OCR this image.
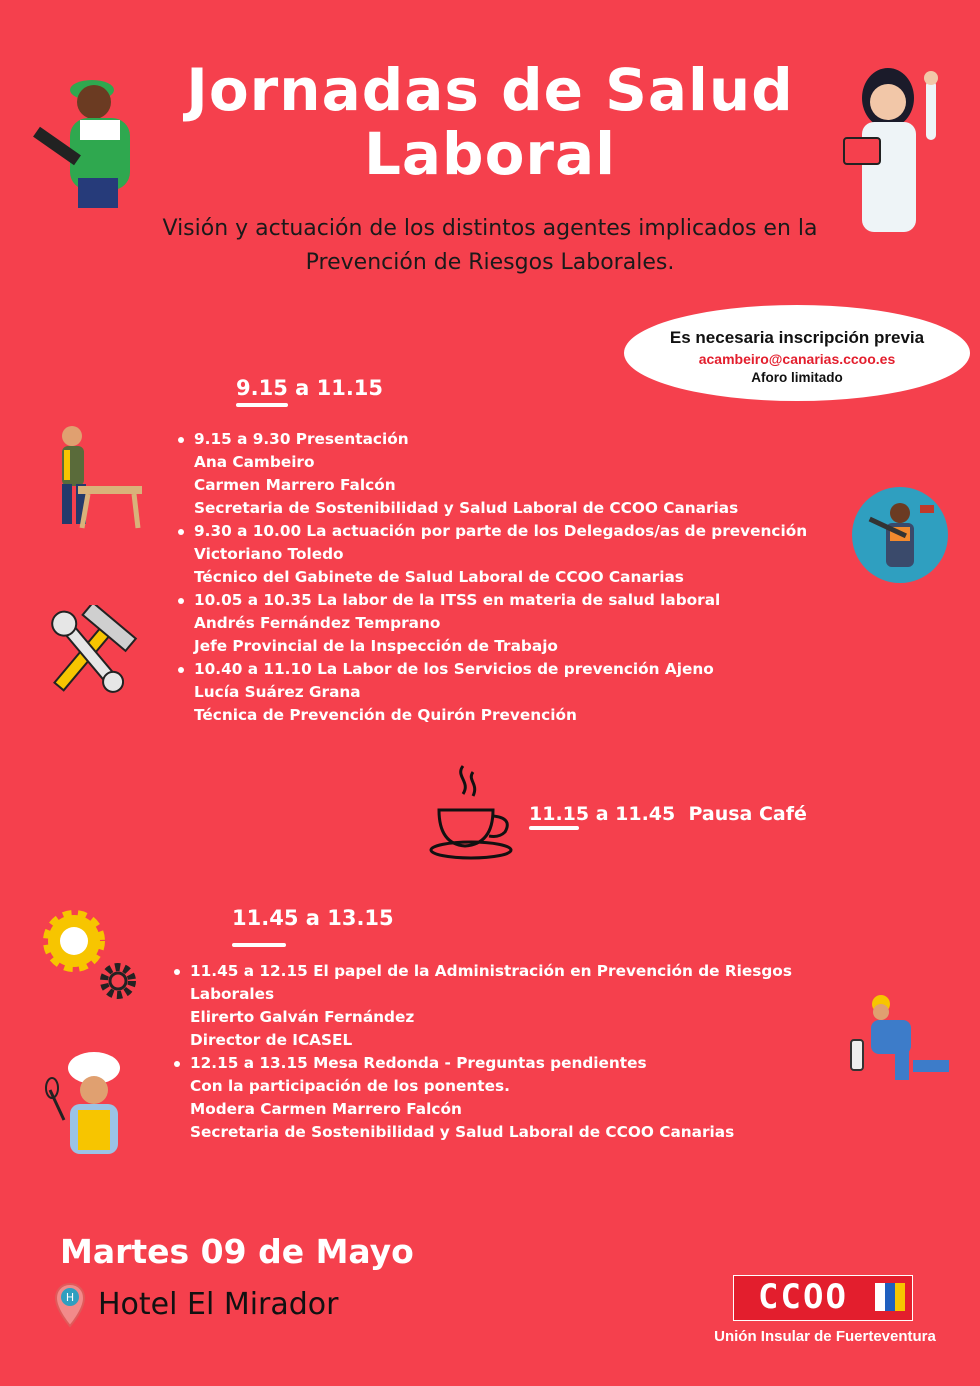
Jornadas de Salud
Laboral
Visión y actuación de los distintos agentes implicados en la
Prevención de Riesgos Laborales.
Es necesaria inscripción previa
acambeiro@canarias.ccoo.es
Aforo limitado
9.15 a 11.15
9.15 a 9.30 Presentación
Ana Cambeiro
Carmen Marrero Falcón
Secretaria de Sostenibilidad y Salud Laboral de CCOO Canarias
9.30 a 10.00 La actuación por parte de los Delegados/as de prevención
Victoriano Toledo
Técnico del Gabinete de Salud Laboral de CCOO Canarias
10.05 a 10.35 La labor de la ITSS en materia de salud laboral
Andrés Fernández Temprano
Jefe Provincial de la Inspección de Trabajo
10.40 a 11.10 La Labor de los Servicios de prevención Ajeno
Lucía Suárez Grana
Técnica de Prevención de Quirón Prevención
11.15 a 11.45 Pausa Café
11.45 a 13.15
11.45 a 12.15 El papel de la Administración en Prevención de Riesgos
Laborales
Elirerto Galván Fernández
Director de ICASEL
12.15 a 13.15 Mesa Redonda - Preguntas pendientes
Con la participación de los ponentes.
Modera Carmen Marrero Falcón
Secretaria de Sostenibilidad y Salud Laboral de CCOO Canarias
Martes 09 de Mayo
H Hotel El Mirador	CCOO
Unión Insular de Fuerteventura
